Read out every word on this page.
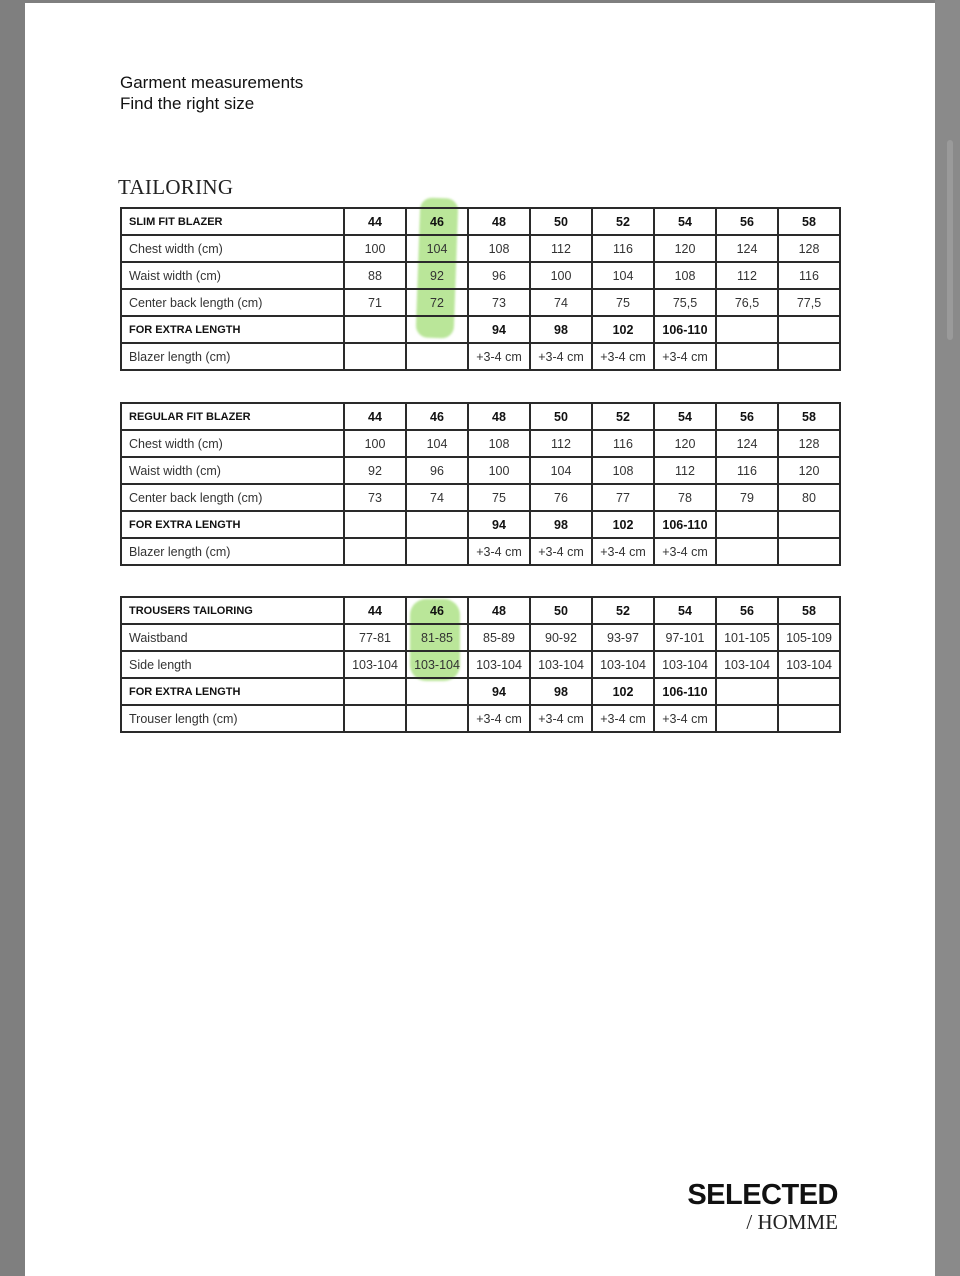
Garment measurements
Find the right size
TAILORING
SLIM FIT BLAZER	44	46	48	50	52	54	56	58
Chest width (cm)	100	104	108	112	116	120	124	128
Waist width (cm)	88	92	96	100	104	108	112	116
Center back length (cm)	71	72	73	74	75	75,5	76,5	77,5
FOR EXTRA LENGTH			94	98	102	106-110		
Blazer length (cm)			+3-4 cm	+3-4 cm	+3-4 cm	+3-4 cm		
REGULAR FIT BLAZER	44	46	48	50	52	54	56	58
Chest width (cm)	100	104	108	112	116	120	124	128
Waist width (cm)	92	96	100	104	108	112	116	120
Center back length (cm)	73	74	75	76	77	78	79	80
FOR EXTRA LENGTH			94	98	102	106-110		
Blazer length (cm)			+3-4 cm	+3-4 cm	+3-4 cm	+3-4 cm		
TROUSERS TAILORING	44	46	48	50	52	54	56	58
Waistband	77-81	81-85	85-89	90-92	93-97	97-101	101-105	105-109
Side length	103-104	103-104	103-104	103-104	103-104	103-104	103-104	103-104
FOR EXTRA LENGTH			94	98	102	106-110		
Trouser length (cm)			+3-4 cm	+3-4 cm	+3-4 cm	+3-4 cm		
SELECTED
/ HOMME
